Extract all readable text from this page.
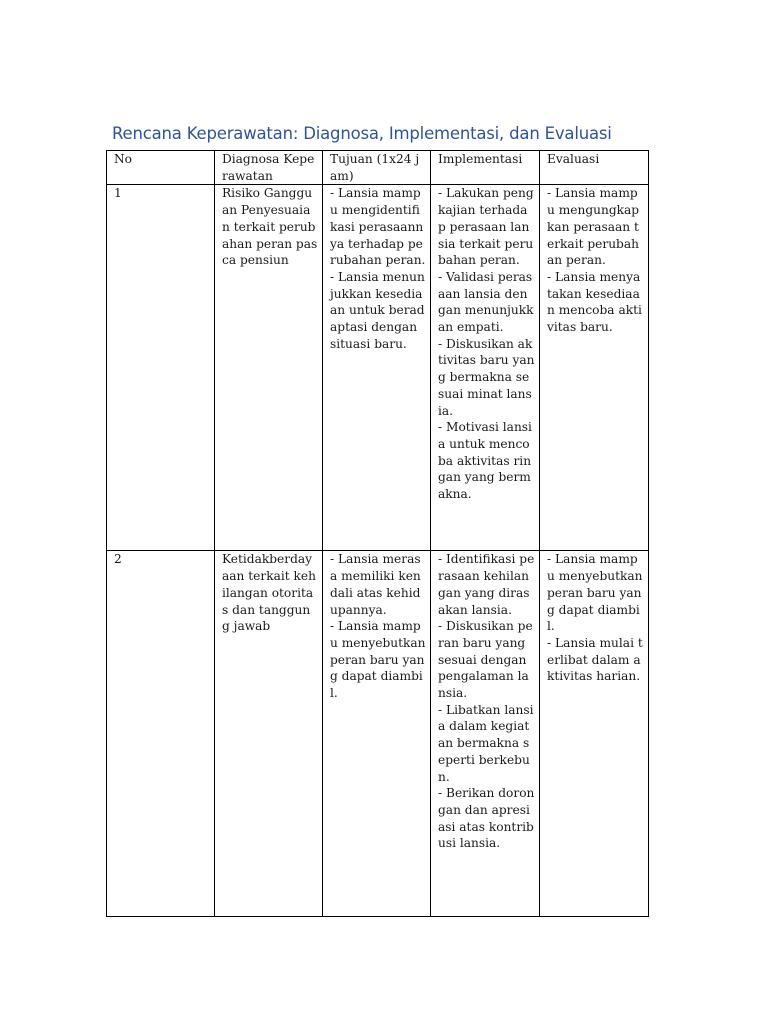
Rencana Keperawatan: Diagnosa, Implementasi, dan Evaluasi
No	Diagnosa Keperawatan	Tujuan (1x24 jam)	Implementasi	Evaluasi
1	Risiko Gangguan Penyesuaian terkait perubahan peran pasca pensiun	- Lansia mampu mengidentifikasi perasaannya terhadap perubahan peran.
- Lansia menunjukkan kesediaan untuk beradaptasi dengan situasi baru.	- Lakukan pengkajian terhadap perasaan lansia terkait perubahan peran.
- Validasi perasaan lansia dengan menunjukkan empati.
- Diskusikan aktivitas baru yang bermakna sesuai minat lansia.
- Motivasi lansia untuk mencoba aktivitas ringan yang bermakna.	- Lansia mampu mengungkapkan perasaan terkait perubahan peran.
- Lansia menyatakan kesediaan mencoba aktivitas baru.
2	Ketidakberdayaan terkait kehilangan otoritas dan tanggung jawab	- Lansia merasa memiliki kendali atas kehidupannya.
- Lansia mampu menyebutkan peran baru yang dapat diambil.	- Identifikasi perasaan kehilangan yang dirasakan lansia.
- Diskusikan peran baru yang sesuai dengan pengalaman lansia.
- Libatkan lansia dalam kegiatan bermakna seperti berkebun.
- Berikan dorongan dan apresiasi atas kontribusi lansia.	- Lansia mampu menyebutkan peran baru yang dapat diambil.
- Lansia mulai terlibat dalam aktivitas harian.
